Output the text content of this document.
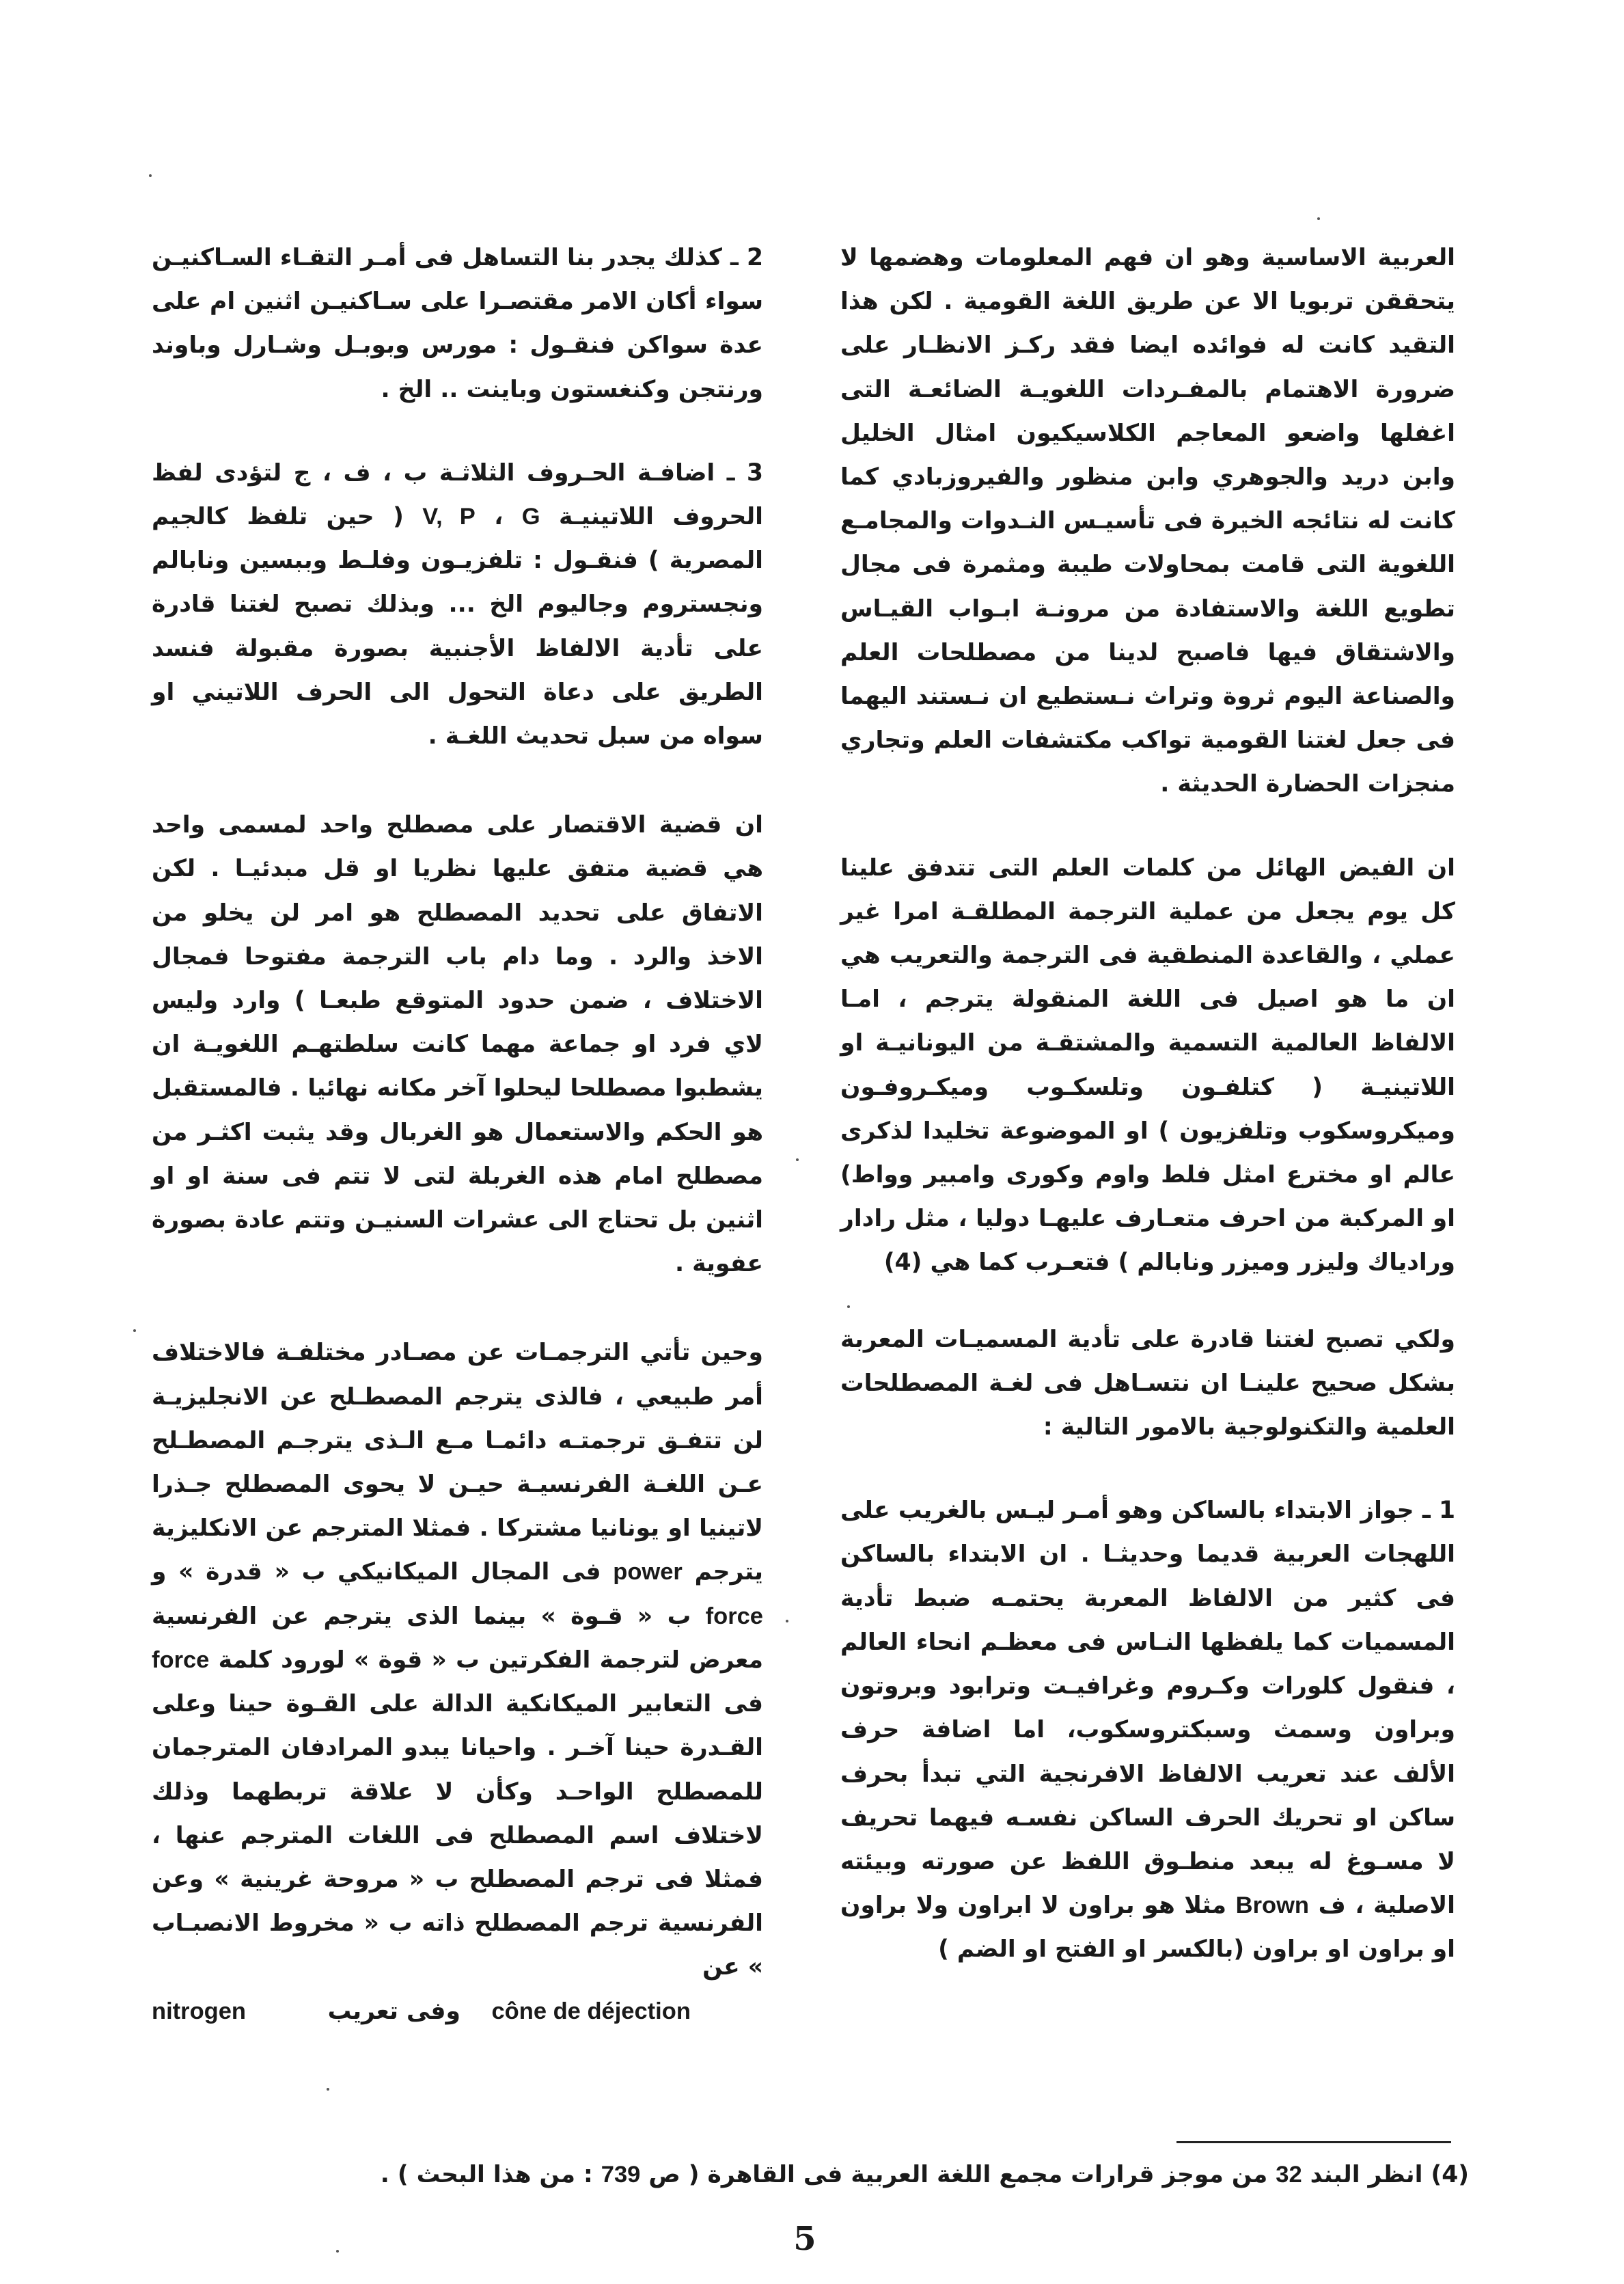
العربية الاساسية وهو ان فهم المعلومات وهضمها لا يتحققن تربويا الا عن طريق اللغة القومية . لكن هذا التقيد كانت له فوائده ايضا فقد ركـز الانظـار على ضرورة الاهتمام بالمفـردات اللغويـة الضائعـة التى اغفلها واضعو المعاجم الكلاسيكيون امثال الخليل وابن دريد والجوهري وابن منظور والفيروزبادي كما كانت له نتائجه الخيرة فى تأسيـس النـدوات والمجامـع اللغوية التى قامت بمحاولات طيبة ومثمرة فى مجال تطويع اللغة والاستفادة من مرونـة ابـواب القيـاس والاشتقاق فيها فاصبح لدينا من مصطلحات العلم والصناعة اليوم ثروة وتراث نـستطيع ان نـستند اليهما فى جعل لغتنا القومية تواكب مكتشفات العلم وتجاري منجزات الحضارة الحديثة .

ان الفيض الهائل من كلمات العلم التى تتدفق علينا كل يوم يجعل من عملية الترجمة المطلقـة امرا غير عملي ، والقاعدة المنطقية فى الترجمة والتعريب هي ان ما هو اصيل فى اللغة المنقولة يترجم ، امـا الالفاظ العالمية التسمية والمشتقـة من اليونانيـة او اللاتينيـة ( كتلفـون وتلسكـوب وميكـروفـون وميكروسكوب وتلفزيون ) او الموضوعة تخليدا لذكرى عالم او مخترع امثل فلط واوم وكورى وامبير وواط) او المركبة من احرف متعـارف عليهـا دوليا ، مثل رادار ورادياك وليزر وميزر ونابالم ) فتعـرب كما هي (4)

ولكي تصبح لغتنا قادرة على تأدية المسميـات المعربة بشكل صحيح علينـا ان نتسـاهل فى لغـة المصطلحات العلمية والتكنولوجية بالامور التالية :

1 ـ جواز الابتداء بالساكن وهو أمـر ليـس بالغريب على اللهجات العربية قديما وحديثـا . ان الابتداء بالساكن فى كثير من الالفاظ المعربة يحتمـه ضبط تأدية المسميات كما يلفظها النـاس فى معظـم انحاء العالم ، فنقول كلورات وكـروم وغرافيـت وترابود وبروتون وبراون وسمث وسبكتروسكوب، اما اضافة حرف الألف عند تعريب الالفاظ الافرنجية التي تبدأ بحرف ساكن او تحريك الحرف الساكن نفسـه فيهما تحريف لا مسـوغ له يبعد منطـوق اللفظ عن صورته وبيئته الاصلية ، ف Brown مثلا هو براون لا ابراون ولا براون او براون او براون (بالكسر او الفتح او الضم )

2 ـ كذلك يجدر بنا التساهل فى أمـر التقـاء السـاكنيـن سواء أكان الامر مقتصـرا على سـاكنيـن اثنين ام على عدة سواكن فنقـول : مورس وبوبـل وشـارل وباوند ورنتجن وكنغستون وباينت .. الخ .

3 ـ اضافـة الحـروف الثلاثـة ب ، ف ، ج لتؤدى لفظ الحروف اللاتينيـة V, P ، G ( حين تلفظ كالجيم المصرية ) فنقـول : تلفزيـون وفلـط وببسين ونابالم ونجستروم وجاليوم الخ ... وبذلك تصبح لغتنا قادرة على تأدية الالفاظ الأجنبية بصورة مقبولة فنسد الطريق على دعاة التحول الى الحرف اللاتيني او سواه من سبل تحديث اللغـة .

ان قضية الاقتصار على مصطلح واحد لمسمى واحد هي قضية متفق عليها نظريا او قل مبدئيـا . لكن الاتفاق على تحديد المصطلح هو امر لن يخلو من الاخذ والرد . وما دام باب الترجمة مفتوحا فمجال الاختلاف ، ضمن حدود المتوقع طبعـا ) وارد وليس لاي فرد او جماعة مهما كانت سلطتهـم اللغويـة ان يشطبوا مصطلحا ليحلوا آخر مكانه نهائيا . فالمستقبل هو الحكم والاستعمال هو الغربال وقد يثبت اكثـر من مصطلح امام هذه الغربلة لتى لا تتم فى سنة او او اثنين بل تحتاج الى عشرات السنيـن وتتم عادة بصورة عفوية .

وحين تأتي الترجمـات عن مصـادر مختلفـة فالاختلاف أمر طبيعي ، فالذى يترجم المصطـلح عن الانجليزيـة لن تتفـق ترجمتـه دائمـا مـع الـذى يترجـم المصطـلح عـن اللغـة الفرنسيـة حيـن لا يحوى المصطلح جـذرا لاتينيا او يونانيا مشتركا . فمثلا المترجم عن الانكليزية يترجم power فى المجال الميكانيكي ب « قدرة » و force ب « قـوة » بينما الذى يترجم عن الفرنسية معرض لترجمة الفكرتين ب « قوة » لورود كلمة force فى التعابير الميكانكية الدالة على القـوة حينا وعلى القـدرة حينا آخـر . واحيانا يبدو المرادفان المترجمان للمصطلح الواحـد وكأن لا علاقة تربطهما وذلك لاختلاف اسم المصطلح فى اللغات المترجم عنها ، فمثلا فى ترجم المصطلح ب « مروحة غرينية » وعن الفرنسية ترجم المصطلح ذاته ب « مخروط الانصبـاب » عن

nitrogen	وفى تعريب cône de déjection
(4) انظر البند 32 من موجز قرارات مجمع اللغة العربية فى القاهرة ( ص 739 : من هذا البحث ) .
5
